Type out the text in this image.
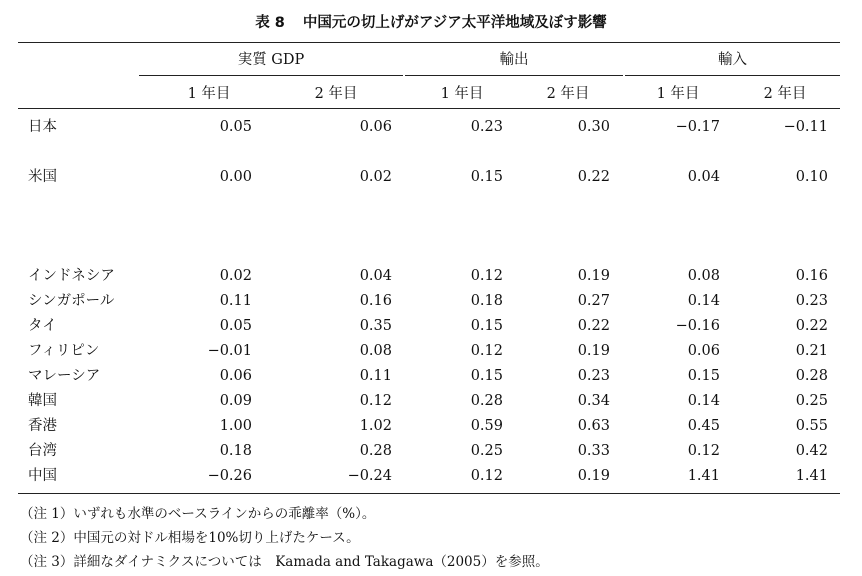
表 8 中国元の切上げがアジア太平洋地域及ぼす影響
実質 GDP	輸出	輸入
1 年目	2 年目	1 年目	2 年目	1 年目	2 年目
日本	0.05	0.06	0.23	0.30	−0.17	−0.11
米国	0.00	0.02	0.15	0.22	0.04	0.10
インドネシア	0.02	0.04	0.12	0.19	0.08	0.16
シンガポール	0.11	0.16	0.18	0.27	0.14	0.23
タイ	0.05	0.35	0.15	0.22	−0.16	0.22
フィリピン	−0.01	0.08	0.12	0.19	0.06	0.21
マレーシア	0.06	0.11	0.15	0.23	0.15	0.28
韓国	0.09	0.12	0.28	0.34	0.14	0.25
香港	1.00	1.02	0.59	0.63	0.45	0.55
台湾	0.18	0.28	0.25	0.33	0.12	0.42
中国	−0.26	−0.24	0.12	0.19	1.41	1.41
（注 1）いずれも水準のベースラインからの乖離率（%）。
（注 2）中国元の対ドル相場を10%切り上げたケース。
（注 3）詳細なダイナミクスについては　Kamada and Takagawa（2005）を参照。
